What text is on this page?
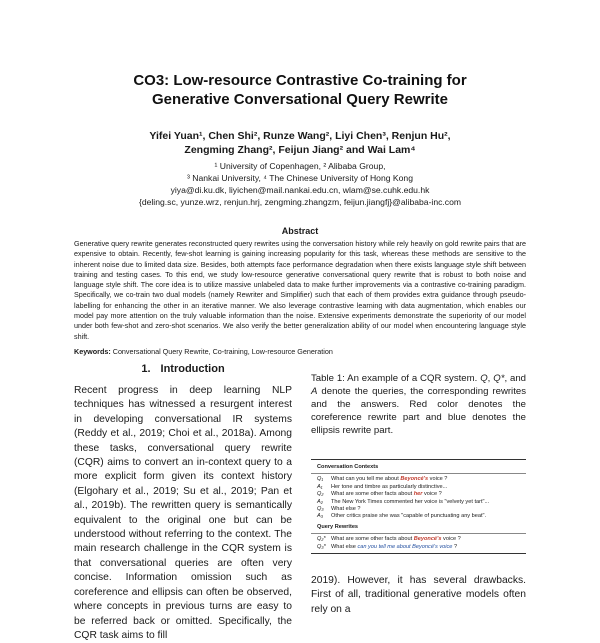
CO3: Low-resource Contrastive Co-training for
Generative Conversational Query Rewrite
Yifei Yuan¹, Chen Shi², Runze Wang², Liyi Chen³, Renjun Hu²,
Zengming Zhang², Feijun Jiang² and Wai Lam⁴
¹ University of Copenhagen, ² Alibaba Group,
³ Nankai University, ⁴ The Chinese University of Hong Kong
yiya@di.ku.dk, liyichen@mail.nankai.edu.cn, wlam@se.cuhk.edu.hk
{deling.sc, yunze.wrz, renjun.hrj, zengming.zhangzm, feijun.jiangfj}@alibaba-inc.com
Abstract
Generative query rewrite generates reconstructed query rewrites using the conversation history while rely heavily on gold rewrite pairs that are expensive to obtain. Recently, few-shot learning is gaining increasing popularity for this task, whereas these methods are sensitive to the inherent noise due to limited data size. Besides, both attempts face performance degradation when there exists language style shift between training and testing cases. To this end, we study low-resource generative conversational query rewrite that is robust to both noise and language style shift. The core idea is to utilize massive unlabeled data to make further improvements via a contrastive co-training paradigm. Specifically, we co-train two dual models (namely Rewriter and Simplifier) such that each of them provides extra guidance through pseudo-labelling for enhancing the other in an iterative manner. We also leverage contrastive learning with data augmentation, which enables our model pay more attention on the truly valuable information than the noise. Extensive experiments demonstrate the superiority of our model under both few-shot and zero-shot scenarios. We also verify the better generalization ability of our model when encountering language style shift.
Keywords: Conversational Query Rewrite, Co-training, Low-resource Generation
1. Introduction
Recent progress in deep learning NLP techniques has witnessed a resurgent interest in developing conversational IR systems (Reddy et al., 2019; Choi et al., 2018a). Among these tasks, conversational query rewrite (CQR) aims to convert an in-context query to a more explicit form given its context history (Elgohary et al., 2019; Su et al., 2019; Pan et al., 2019b). The rewritten query is semantically equivalent to the original one but can be understood without referring to the context. The main research challenge in the CQR system is that conversational queries are often very concise. Information omission such as coreference and ellipsis can often be observed, where concepts in previous turns are easy to be referred back or omitted. Specifically, the CQR task aims to fill
Table 1: An example of a CQR system. Q, Q*, and A denote the queries, the corresponding rewrites and the answers. Red color denotes the coreference rewrite part and blue denotes the ellipsis rewrite part.
Conversation Contexts
Q₁	What can you tell me about Beyoncé's voice ?
A₁	Her tone and timbre as particularly distinctive...
Q₂	What are some other facts about her voice ?
A₂	The New York Times commented her voice is "velvety yet tart"...
Q₃	What else ?
A₃	Other critics praise she was "capable of punctuating any beat".
Query Rewrites
Q₂* What are some other facts about Beyoncé's voice ?
Q₃* What else can you tell me about Beyoncé's voice ?
2019). However, it has several drawbacks. First of all, traditional generative models often rely on a
